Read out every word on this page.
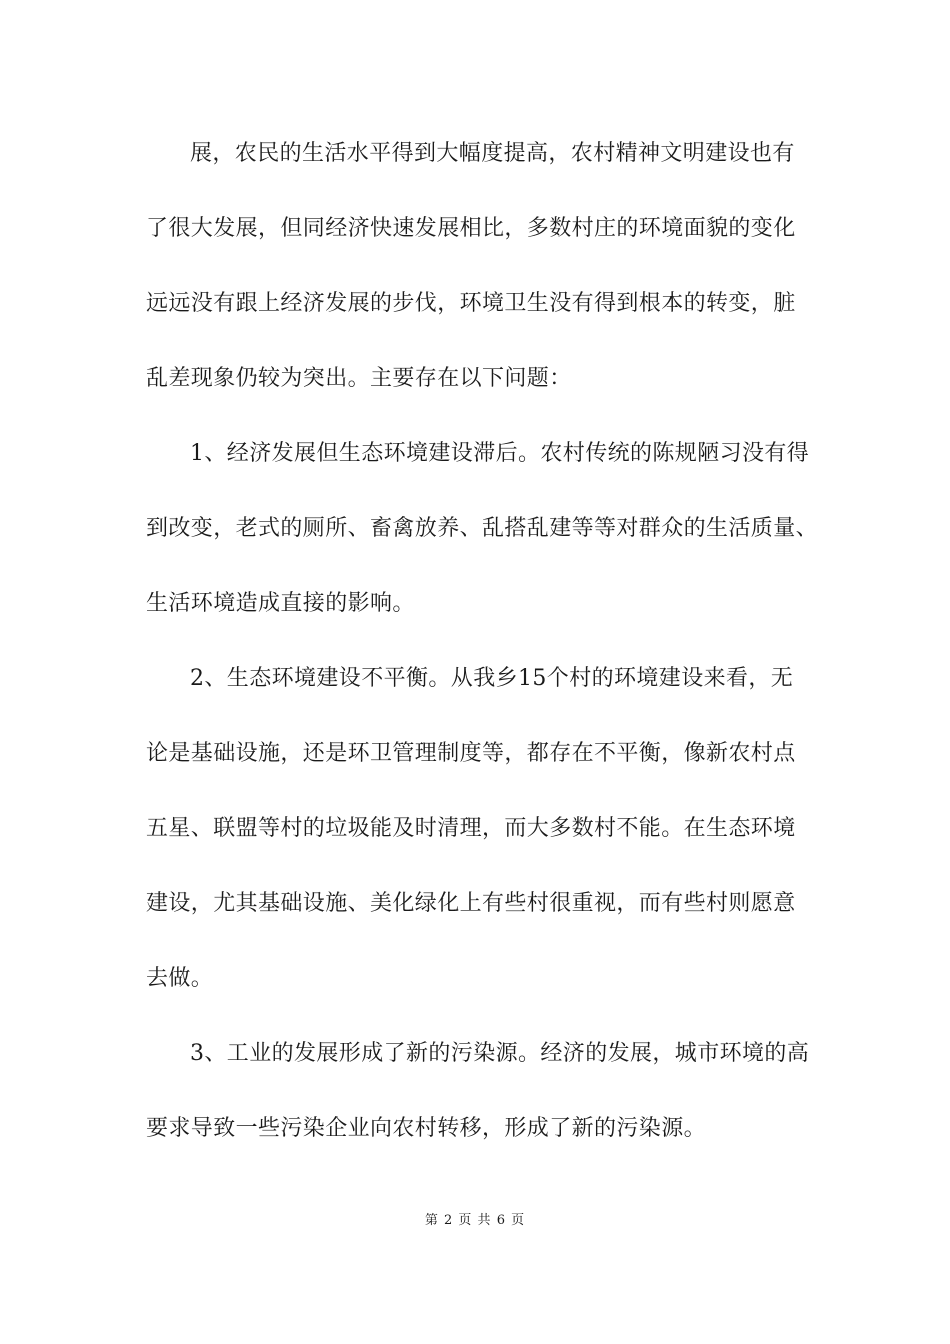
展，农民的生活水平得到大幅度提高，农村精神文明建设也有
了很大发展，但同经济快速发展相比，多数村庄的环境面貌的变化
远远没有跟上经济发展的步伐，环境卫生没有得到根本的转变，脏
乱差现象仍较为突出。主要存在以下问题：
1、经济发展但生态环境建设滞后。农村传统的陈规陋习没有得
到改变，老式的厕所、畜禽放养、乱搭乱建等等对群众的生活质量、
生活环境造成直接的影响。
2、生态环境建设不平衡。从我乡15个村的环境建设来看，无
论是基础设施，还是环卫管理制度等，都存在不平衡，像新农村点
五星、联盟等村的垃圾能及时清理，而大多数村不能。在生态环境
建设，尤其基础设施、美化绿化上有些村很重视，而有些村则愿意
去做。
3、工业的发展形成了新的污染源。经济的发展，城市环境的高
要求导致一些污染企业向农村转移，形成了新的污染源。
第 2 页 共 6 页
